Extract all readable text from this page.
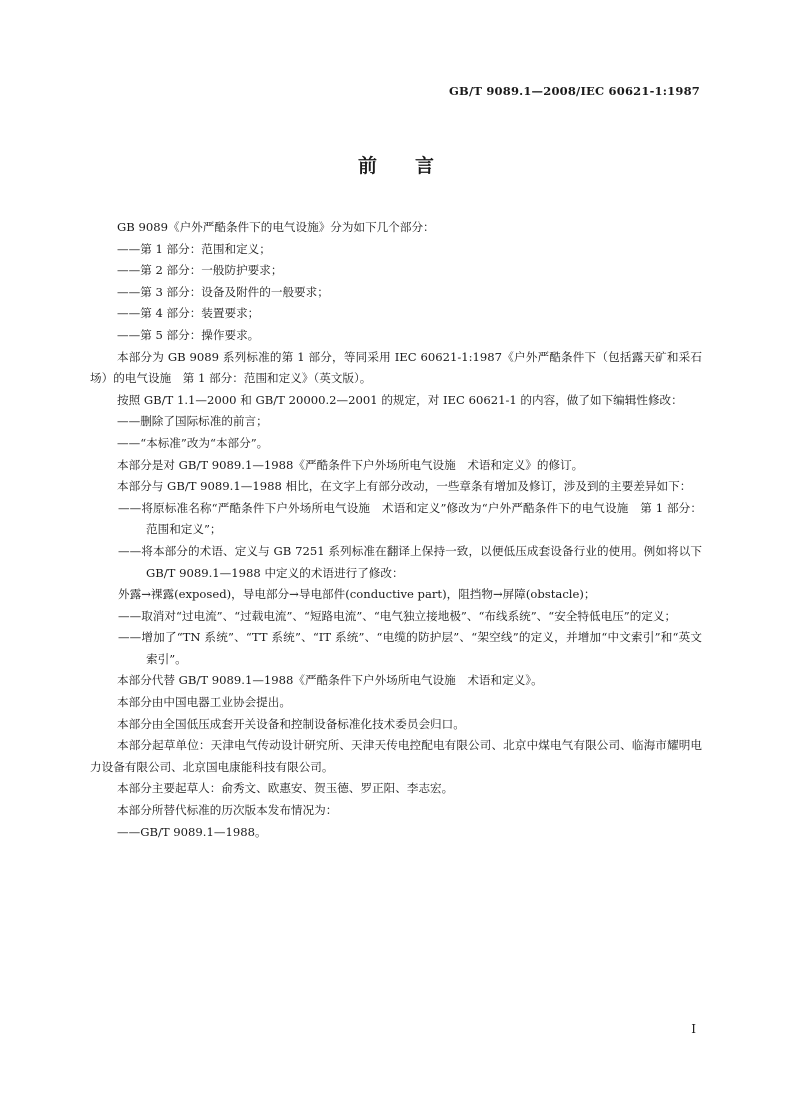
GB/T 9089.1—2008/IEC 60621-1:1987
前言

GB 9089《户外严酷条件下的电气设施》分为如下几个部分：

——第 1 部分：范围和定义；

——第 2 部分：一般防护要求；

——第 3 部分：设备及附件的一般要求；

——第 4 部分：装置要求；

——第 5 部分：操作要求。

本部分为 GB 9089 系列标准的第 1 部分，等同采用 IEC 60621-1:1987《户外严酷条件下（包括露天矿和采石场）的电气设施　第 1 部分：范围和定义》（英文版）。

按照 GB/T 1.1—2000 和 GB/T 20000.2—2001 的规定，对 IEC 60621-1 的内容，做了如下编辑性修改：

——删除了国际标准的前言；

——“本标准”改为“本部分”。

本部分是对 GB/T 9089.1—1988《严酷条件下户外场所电气设施　术语和定义》的修订。

本部分与 GB/T 9089.1—1988 相比，在文字上有部分改动，一些章条有增加及修订，涉及到的主要差异如下：

——将原标准名称“严酷条件下户外场所电气设施　术语和定义”修改为“户外严酷条件下的电气设施　第 1 部分：范围和定义”；

——将本部分的术语、定义与 GB 7251 系列标准在翻译上保持一致，以便低压成套设备行业的使用。例如将以下 GB/T 9089.1—1988 中定义的术语进行了修改：

外露→裸露(exposed)，导电部分→导电部件(conductive part)，阻挡物→屏障(obstacle)；

——取消对“过电流”、“过载电流”、“短路电流”、“电气独立接地极”、“布线系统”、“安全特低电压”的定义；

——增加了“TN 系统”、“TT 系统”、“IT 系统”、“电缆的防护层”、“架空线”的定义，并增加“中文索引”和“英文索引”。

本部分代替 GB/T 9089.1—1988《严酷条件下户外场所电气设施　术语和定义》。

本部分由中国电器工业协会提出。

本部分由全国低压成套开关设备和控制设备标准化技术委员会归口。

本部分起草单位：天津电气传动设计研究所、天津天传电控配电有限公司、北京中煤电气有限公司、临海市耀明电力设备有限公司、北京国电康能科技有限公司。

本部分主要起草人：俞秀文、欧惠安、贺玉德、罗正阳、李志宏。

本部分所替代标准的历次版本发布情况为：

——GB/T 9089.1—1988。

I
